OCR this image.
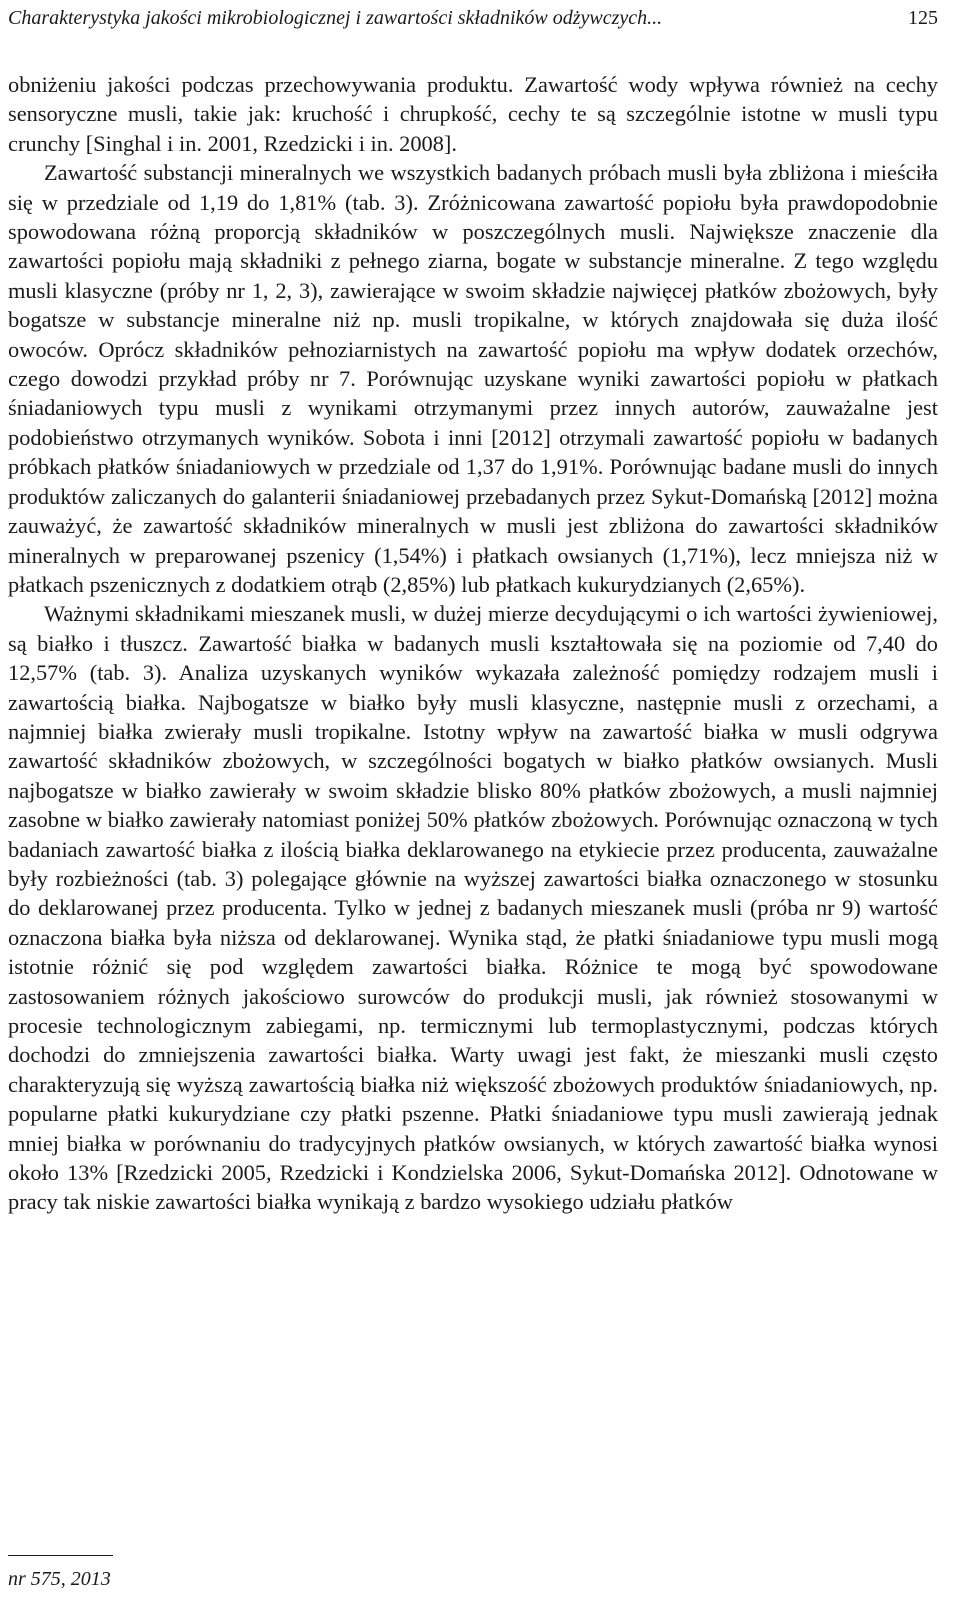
Charakterystyka jakości mikrobiologicznej i zawartości składników odżywczych...	125

obniżeniu jakości podczas przechowywania produktu. Zawartość wody wpływa również na cechy sensoryczne musli, takie jak: kruchość i chrupkość, cechy te są szczególnie istotne w musli typu crunchy [Singhal i in. 2001, Rzedzicki i in. 2008].

Zawartość substancji mineralnych we wszystkich badanych próbach musli była zbliżona i mieściła się w przedziale od 1,19 do 1,81% (tab. 3). Zróżnicowana zawartość popiołu była prawdopodobnie spowodowana różną proporcją składników w poszczególnych musli. Największe znaczenie dla zawartości popiołu mają składniki z pełnego ziarna, bogate w substancje mineralne. Z tego względu musli klasyczne (próby nr 1, 2, 3), zawierające w swoim składzie najwięcej płatków zbożowych, były bogatsze w substancje mineralne niż np. musli tropikalne, w których znajdowała się duża ilość owoców. Oprócz składników pełnoziarnistych na zawartość popiołu ma wpływ dodatek orzechów, czego dowodzi przykład próby nr 7. Porównując uzyskane wyniki zawartości popiołu w płatkach śniadaniowych typu musli z wynikami otrzymanymi przez innych autorów, zauważalne jest podobieństwo otrzymanych wyników. Sobota i inni [2012] otrzymali zawartość popiołu w badanych próbkach płatków śniadaniowych w przedziale od 1,37 do 1,91%. Porównując badane musli do innych produktów zaliczanych do galanterii śniadaniowej przebadanych przez Sykut-Domańską [2012] można zauważyć, że zawartość składników mineralnych w musli jest zbliżona do zawartości składników mineralnych w preparowanej pszenicy (1,54%) i płatkach owsianych (1,71%), lecz mniejsza niż w płatkach pszenicznych z dodatkiem otrąb (2,85%) lub płatkach kukurydzianych (2,65%).

Ważnymi składnikami mieszanek musli, w dużej mierze decydującymi o ich wartości żywieniowej, są białko i tłuszcz. Zawartość białka w badanych musli kształtowała się na poziomie od 7,40 do 12,57% (tab. 3). Analiza uzyskanych wyników wykazała zależność pomiędzy rodzajem musli i zawartością białka. Najbogatsze w białko były musli klasyczne, następnie musli z orzechami, a najmniej białka zwierały musli tropikalne. Istotny wpływ na zawartość białka w musli odgrywa zawartość składników zbożowych, w szczególności bogatych w białko płatków owsianych. Musli najbogatsze w białko zawierały w swoim składzie blisko 80% płatków zbożowych, a musli najmniej zasobne w białko zawierały natomiast poniżej 50% płatków zbożowych. Porównując oznaczoną w tych badaniach zawartość białka z ilością białka deklarowanego na etykiecie przez producenta, zauważalne były rozbieżności (tab. 3) polegające głównie na wyższej zawartości białka oznaczonego w stosunku do deklarowanej przez producenta. Tylko w jednej z badanych mieszanek musli (próba nr 9) wartość oznaczona białka była niższa od deklarowanej. Wynika stąd, że płatki śniadaniowe typu musli mogą istotnie różnić się pod względem zawartości białka. Różnice te mogą być spowodowane zastosowaniem różnych jakościowo surowców do produkcji musli, jak również stosowanymi w procesie technologicznym zabiegami, np. termicznymi lub termoplastycznymi, podczas których dochodzi do zmniejszenia zawartości białka. Warty uwagi jest fakt, że mieszanki musli często charakteryzują się wyższą zawartością białka niż większość zbożowych produktów śniadaniowych, np. popularne płatki kukurydziane czy płatki pszenne. Płatki śniadaniowe typu musli zawierają jednak mniej białka w porównaniu do tradycyjnych płatków owsianych, w których zawartość białka wynosi około 13% [Rzedzicki 2005, Rzedzicki i Kondzielska 2006, Sykut-Domańska 2012]. Odnotowane w pracy tak niskie zawartości białka wynikają z bardzo wysokiego udziału płatków

nr 575, 2013
